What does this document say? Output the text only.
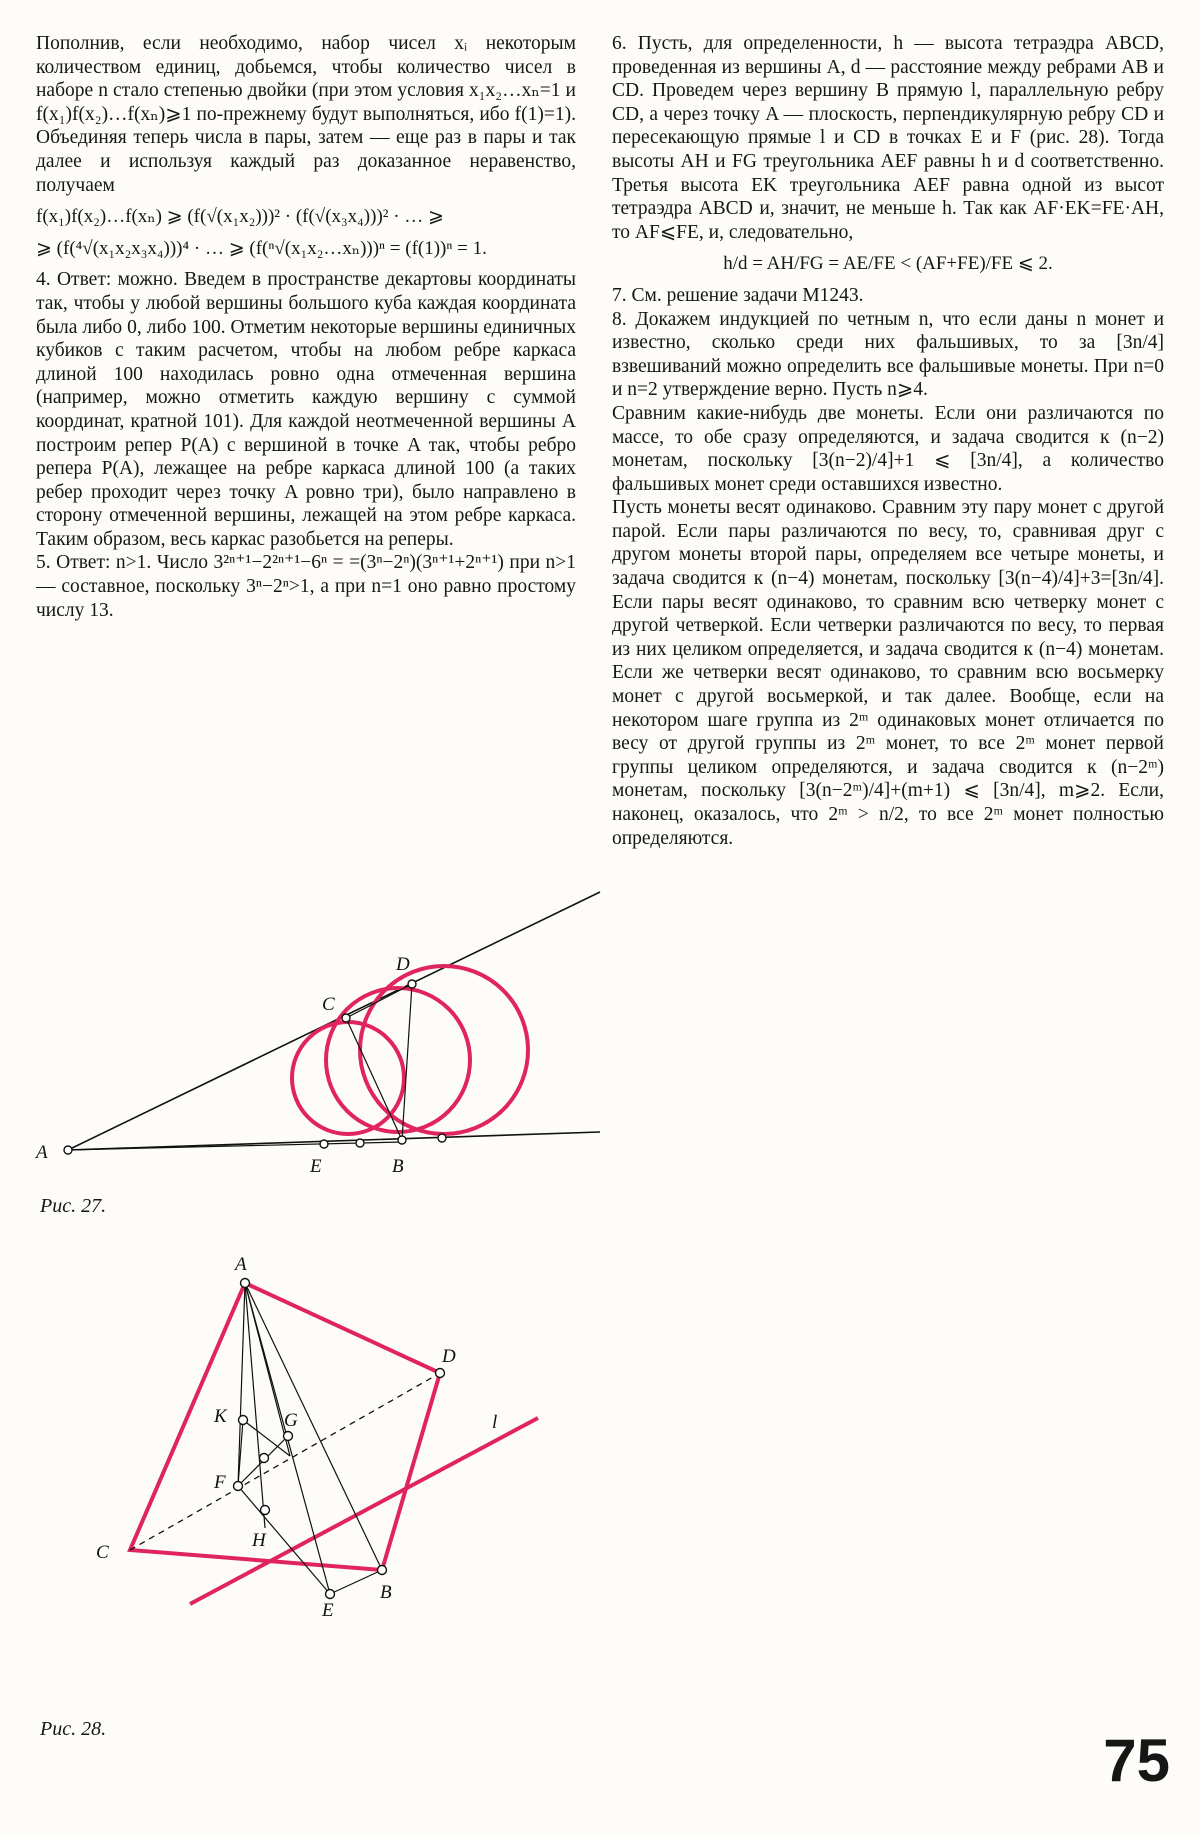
Пополнив, если необходимо, набор чисел xᵢ некоторым количеством единиц, добьемся, чтобы количество чисел в наборе n стало степенью двойки (при этом условия x₁x₂…xₙ=1 и f(x₁)f(x₂)…f(xₙ)⩾1 по-прежнему будут выполняться, ибо f(1)=1). Объединяя теперь числа в пары, затем — еще раз в пары и так далее и используя каждый раз доказанное неравенство, получаем

f(x₁)f(x₂)…f(xₙ) ⩾ (f(√(x₁x₂)))² · (f(√(x₃x₄)))² · … ⩾

⩾ (f(⁴√(x₁x₂x₃x₄)))⁴ · … ⩾ (f(ⁿ√(x₁x₂…xₙ)))ⁿ = (f(1))ⁿ = 1.

4. Ответ: можно. Введем в пространстве декартовы координаты так, чтобы у любой вершины большого куба каждая координата была либо 0, либо 100. Отметим некоторые вершины единичных кубиков с таким расчетом, чтобы на любом ребре каркаса длиной 100 находилась ровно одна отмеченная вершина (например, можно отметить каждую вершину с суммой координат, кратной 101). Для каждой неотмеченной вершины A построим репер P(A) с вершиной в точке A так, чтобы ребро репера P(A), лежащее на ребре каркаса длиной 100 (а таких ребер проходит через точку A ровно три), было направлено в сторону отмеченной вершины, лежащей на этом ребре каркаса. Таким образом, весь каркас разобьется на реперы.

5. Ответ: n>1. Число 3²ⁿ⁺¹−2²ⁿ⁺¹−6ⁿ = =(3ⁿ−2ⁿ)(3ⁿ⁺¹+2ⁿ⁺¹) при n>1 — составное, поскольку 3ⁿ−2ⁿ>1, а при n=1 оно равно простому числу 13.

6. Пусть, для определенности, h — высота тетраэдра ABCD, проведенная из вершины A, d — расстояние между ребрами AB и CD. Проведем через вершину B прямую l, параллельную ребру CD, а через точку A — плоскость, перпендикулярную ребру CD и пересекающую прямые l и CD в точках E и F (рис. 28). Тогда высоты AH и FG треугольника AEF равны h и d соответственно. Третья высота EK треугольника AEF равна одной из высот тетраэдра ABCD и, значит, не меньше h. Так как AF·EK=FE·AH, то AF⩽FE, и, следовательно,

h/d = AH/FG = AE/FE < (AF+FE)/FE ⩽ 2.

7. См. решение задачи М1243.

8. Докажем индукцией по четным n, что если даны n монет и известно, сколько среди них фальшивых, то за [3n/4] взвешиваний можно определить все фальшивые монеты. При n=0 и n=2 утверждение верно. Пусть n⩾4.

Сравним какие-нибудь две монеты. Если они различаются по массе, то обе сразу определяются, и задача сводится к (n−2) монетам, поскольку [3(n−2)/4]+1 ⩽ [3n/4], а количество фальшивых монет среди оставшихся известно.

Пусть монеты весят одинаково. Сравним эту пару монет с другой парой. Если пары различаются по весу, то, сравнивая друг с другом монеты второй пары, определяем все четыре монеты, и задача сводится к (n−4) монетам, поскольку [3(n−4)/4]+3=[3n/4]. Если пары весят одинаково, то сравним всю четверку монет с другой четверкой. Если четверки различаются по весу, то первая из них целиком определяется, и задача сводится к (n−4) монетам. Если же четверки весят одинаково, то сравним всю восьмерку монет с другой восьмеркой, и так далее. Вообще, если на некотором шаге группа из 2ᵐ одинаковых монет отличается по весу от другой группы из 2ᵐ монет, то все 2ᵐ монет первой группы целиком определяются, и задача сводится к (n−2ᵐ) монетам, поскольку [3(n−2ᵐ)/4]+(m+1) ⩽ [3n/4], m⩾2. Если, наконец, оказалось, что 2ᵐ > n/2, то все 2ᵐ монет полностью определяются.

A
C
D
E	B
Рис. 27.
A
D
C
K	G
F
H
B
E
l
Рис. 28.	75
